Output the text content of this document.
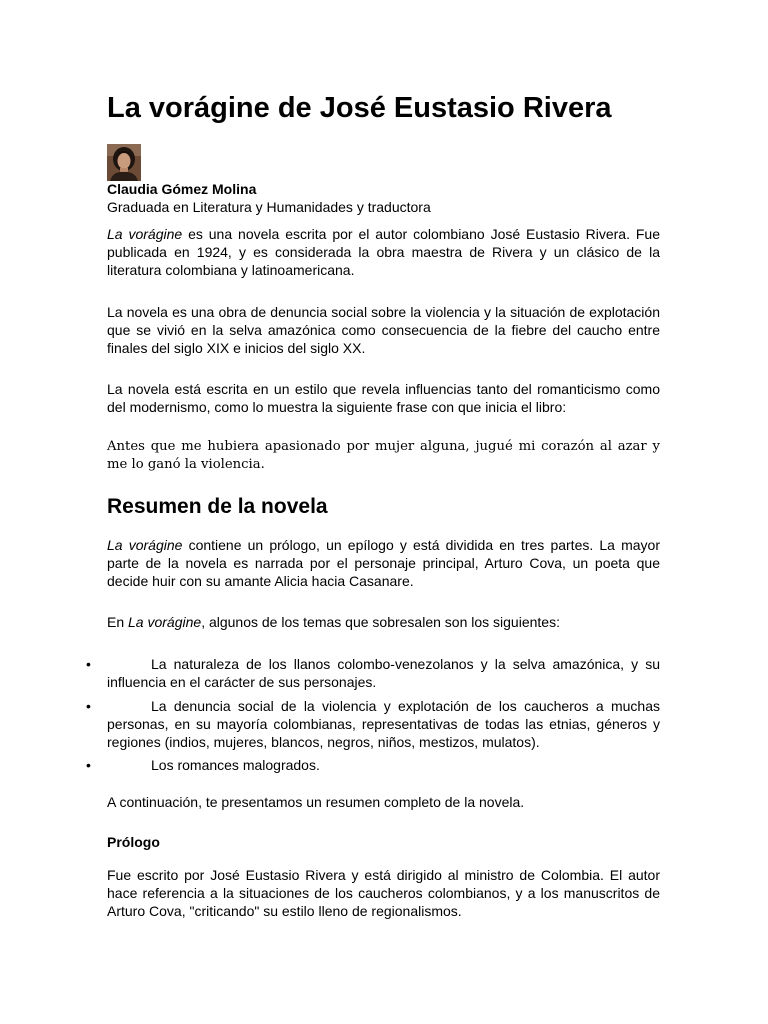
La vorágine de José Eustasio Rivera
Claudia Gómez Molina
Graduada en Literatura y Humanidades y traductora

La vorágine es una novela escrita por el autor colombiano José Eustasio Rivera. Fue publicada en 1924, y es considerada la obra maestra de Rivera y un clásico de la literatura colombiana y latinoamericana.

La novela es una obra de denuncia social sobre la violencia y la situación de explotación que se vivió en la selva amazónica como consecuencia de la fiebre del caucho entre finales del siglo XIX e inicios del siglo XX.

La novela está escrita en un estilo que revela influencias tanto del romanticismo como del modernismo, como lo muestra la siguiente frase con que inicia el libro:

Antes que me hubiera apasionado por mujer alguna, jugué mi corazón al azar y me lo ganó la violencia.

Resumen de la novela

La vorágine contiene un prólogo, un epílogo y está dividida en tres partes. La mayor parte de la novela es narrada por el personaje principal, Arturo Cova, un poeta que decide huir con su amante Alicia hacia Casanare.

En La vorágine, algunos de los temas que sobresalen son los siguientes:

•	La naturaleza de los llanos colombo-venezolanos y la selva amazónica, y su influencia en el carácter de sus personajes.
•	La denuncia social de la violencia y explotación de los caucheros a muchas personas, en su mayoría colombianas, representativas de todas las etnias, géneros y regiones (indios, mujeres, blancos, negros, niños, mestizos, mulatos).
•	Los romances malogrados.

A continuación, te presentamos un resumen completo de la novela.

Prólogo

Fue escrito por José Eustasio Rivera y está dirigido al ministro de Colombia. El autor hace referencia a la situaciones de los caucheros colombianos, y a los manuscritos de Arturo Cova, "criticando" su estilo lleno de regionalismos.
